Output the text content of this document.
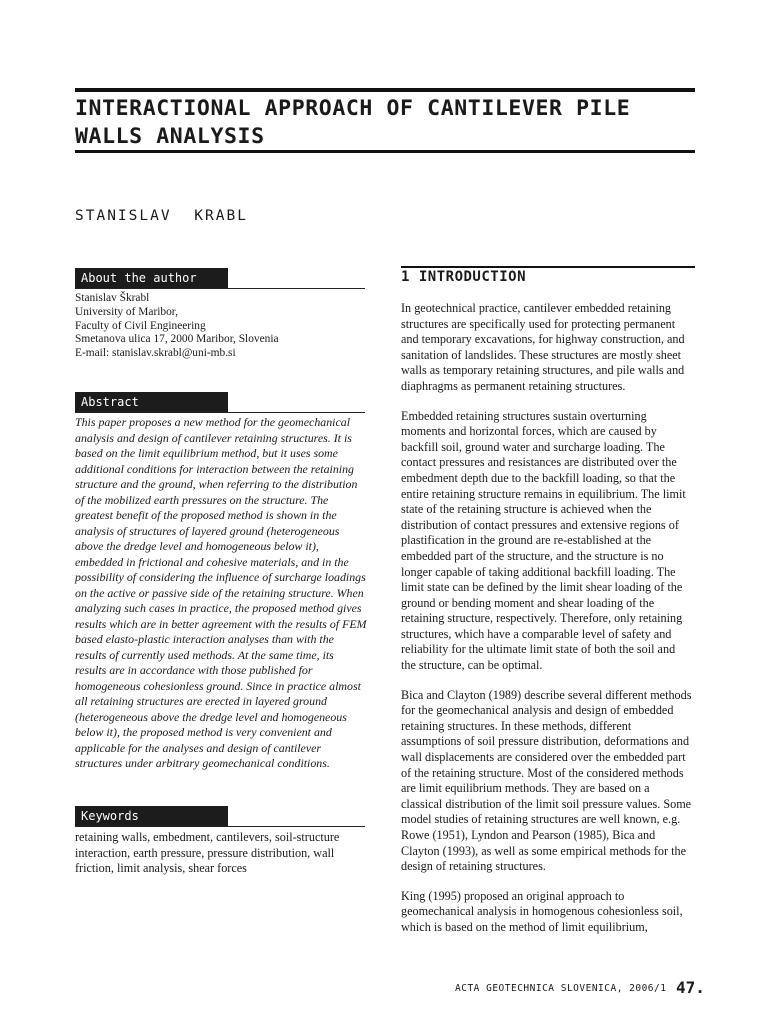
INTERACTIONAL APPROACH OF CANTILEVER PILE WALLS ANALYSIS
STANISLAV KRABL
About the author
Stanislav Škrabl
University of Maribor,
Faculty of Civil Engineering
Smetanova ulica 17, 2000 Maribor, Slovenia
E-mail: stanislav.skrabl@uni-mb.si
Abstract

This paper proposes a new method for the geomechanical analysis and design of cantilever retaining structures. It is based on the limit equilibrium method, but it uses some additional conditions for interaction between the retaining structure and the ground, when referring to the distribution of the mobilized earth pressures on the structure. The greatest benefit of the proposed method is shown in the analysis of structures of layered ground (heterogeneous above the dredge level and homogeneous below it), embedded in frictional and cohesive materials, and in the possibility of considering the influence of surcharge loadings on the active or passive side of the retaining structure. When analyzing such cases in practice, the proposed method gives results which are in better agreement with the results of FEM based elasto-plastic interaction analyses than with the results of currently used methods. At the same time, its results are in accordance with those published for homogeneous cohesionless ground. Since in practice almost all retaining structures are erected in layered ground (heterogeneous above the dredge level and homogeneous below it), the proposed method is very convenient and applicable for the analyses and design of cantilever structures under arbitrary geomechanical conditions.

Keywords

retaining walls, embedment, cantilevers, soil-structure interaction, earth pressure, pressure distribution, wall friction, limit analysis, shear forces

1 INTRODUCTION

In geotechnical practice, cantilever embedded retaining structures are specifically used for protecting permanent and temporary excavations, for highway construction, and sanitation of landslides. These structures are mostly sheet walls as temporary retaining structures, and pile walls and diaphragms as permanent retaining structures.

Embedded retaining structures sustain overturning moments and horizontal forces, which are caused by backfill soil, ground water and surcharge loading. The contact pressures and resistances are distributed over the embedment depth due to the backfill loading, so that the entire retaining structure remains in equilibrium. The limit state of the retaining structure is achieved when the distribution of contact pressures and extensive regions of plastification in the ground are re-established at the embedded part of the structure, and the structure is no longer capable of taking additional backfill loading. The limit state can be defined by the limit shear loading of the ground or bending moment and shear loading of the retaining structure, respectively. Therefore, only retaining structures, which have a comparable level of safety and reliability for the ultimate limit state of both the soil and the structure, can be optimal.

Bica and Clayton (1989) describe several different methods for the geomechanical analysis and design of embedded retaining structures. In these methods, different assumptions of soil pressure distribution, deformations and wall displacements are considered over the embedded part of the retaining structure. Most of the considered methods are limit equilibrium methods. They are based on a classical distribution of the limit soil pressure values. Some model studies of retaining structures are well known, e.g. Rowe (1951), Lyndon and Pearson (1985), Bica and Clayton (1993), as well as some empirical methods for the design of retaining structures.

King (1995) proposed an original approach to geomechanical analysis in homogenous cohesionless soil, which is based on the method of limit equilibrium,

ACTA GEOTECHNICA SLOVENICA, 2006/1 47.
